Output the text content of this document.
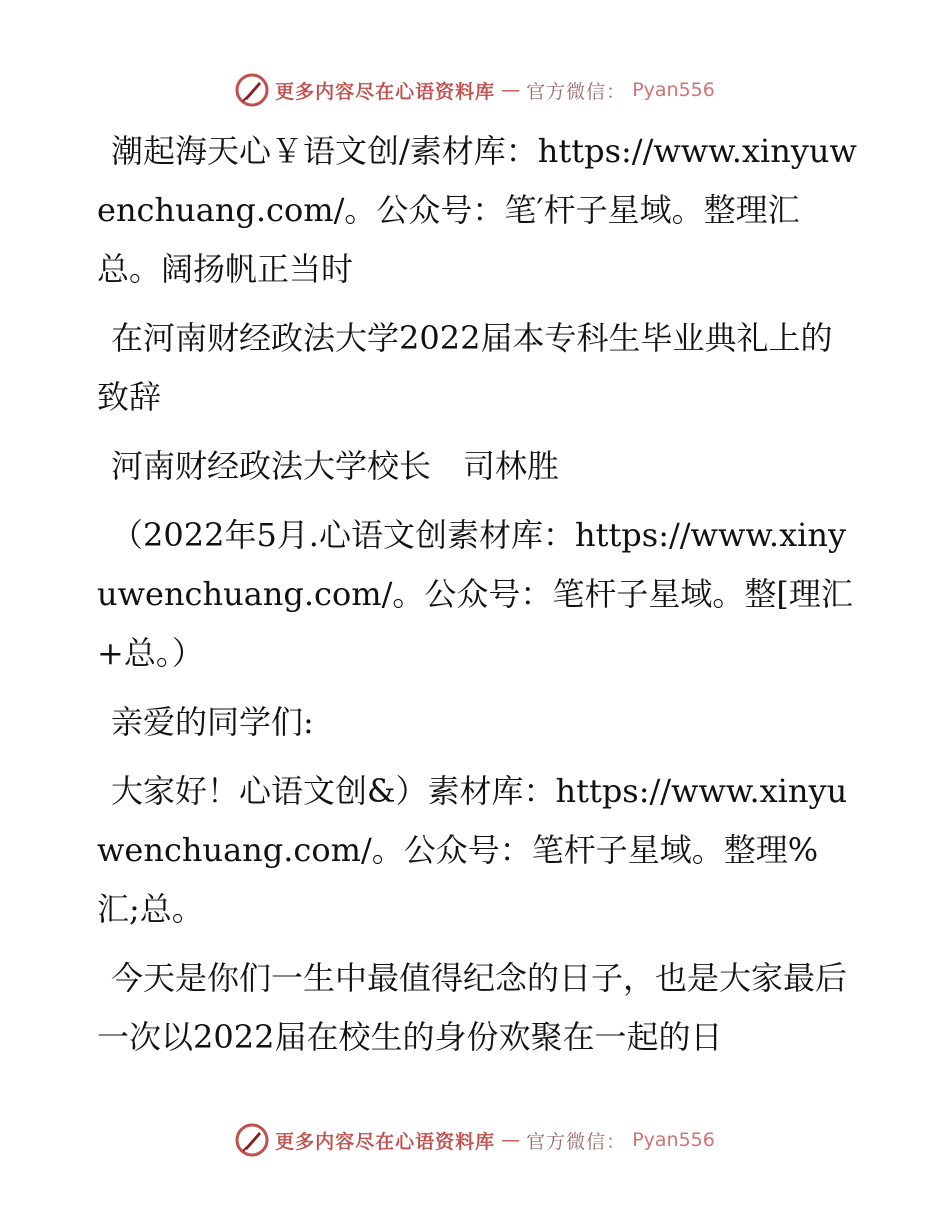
更多内容尽在心语资料库 — 官方微信： Pyan556

潮起海天心￥语文创/素材库：https://www.xinyuwenchuang.com/。公众号：笔′杆子星域。整理汇总。阔扬帆正当时

在河南财经政法大学2022届本专科生毕业典礼上的致辞

河南财经政法大学校长　司林胜

（2022年5月.心语文创素材库：https://www.xinyuwenchuang.com/。公众号：笔杆子星域。整[理汇+总。）

亲爱的同学们:

大家好！心语文创&）素材库：https://www.xinyuwenchuang.com/。公众号：笔杆子星域。整理%汇;总。

今天是你们一生中最值得纪念的日子，也是大家最后一次以2022届在校生的身份欢聚在一起的日

更多内容尽在心语资料库 — 官方微信： Pyan556
